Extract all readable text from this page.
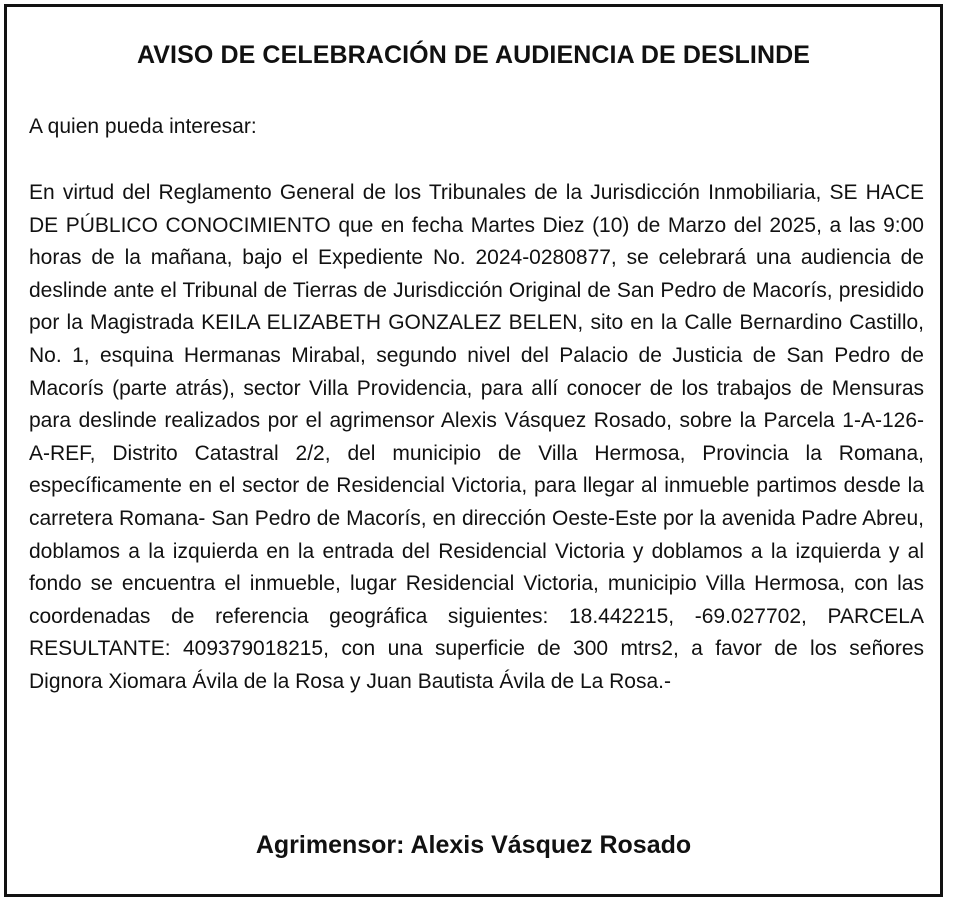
AVISO DE CELEBRACIÓN DE AUDIENCIA DE DESLINDE

A quien pueda interesar:

En virtud del Reglamento General de los Tribunales de la Jurisdicción Inmobiliaria, SE HACE DE PÚBLICO CONOCIMIENTO que en fecha Martes Diez (10) de Marzo del 2025, a las 9:00 horas de la mañana, bajo el Expediente No. 2024-0280877, se celebrará una audiencia de deslinde ante el Tribunal de Tierras de Jurisdicción Original de San Pedro de Macorís, presidido por la Magistrada KEILA ELIZABETH GONZALEZ BELEN, sito en la Calle Bernardino Castillo, No. 1, esquina Hermanas Mirabal, segundo nivel del Palacio de Justicia de San Pedro de Macorís (parte atrás), sector Villa Providencia, para allí conocer de los trabajos de Mensuras para deslinde realizados por el agrimensor Alexis Vásquez Rosado, sobre la Parcela 1-A-126-A-REF, Distrito Catastral 2/2, del municipio de Villa Hermosa, Provincia la Romana, específicamente en el sector de Residencial Victoria, para llegar al inmueble partimos desde la carretera Romana- San Pedro de Macorís, en dirección Oeste-Este por la avenida Padre Abreu, doblamos a la izquierda en la entrada del Residencial Victoria y doblamos a la izquierda y al fondo se encuentra el inmueble, lugar Residencial Victoria, municipio Villa Hermosa, con las coordenadas de referencia geográfica siguientes: 18.442215, -69.027702, PARCELA RESULTANTE: 409379018215, con una superficie de 300 mtrs2, a favor de los señores Dignora Xiomara Ávila de la Rosa y Juan Bautista Ávila de La Rosa.-

Agrimensor: Alexis Vásquez Rosado
